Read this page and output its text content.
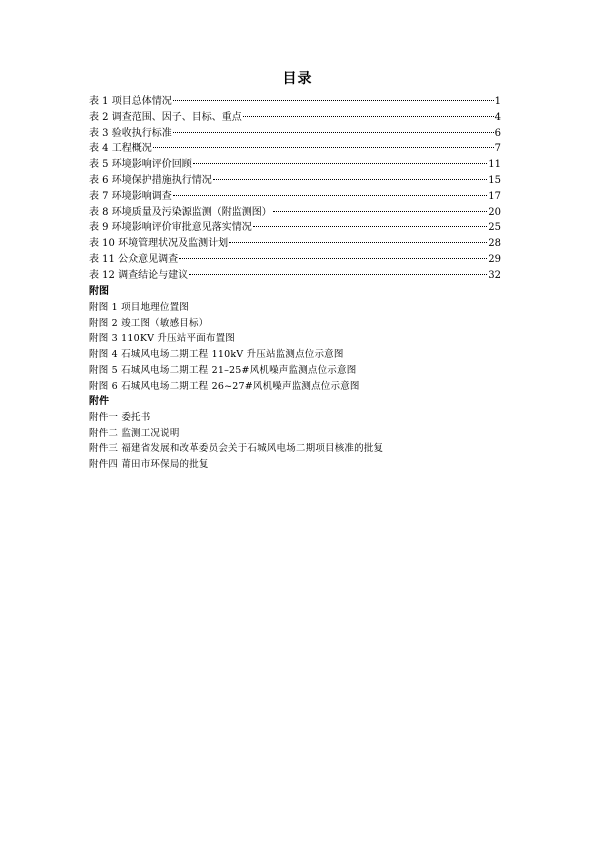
目录
表 1 项目总体情况	1
表 2 调查范围、因子、目标、重点	4
表 3 验收执行标准	6
表 4 工程概况	7
表 5 环境影响评价回顾	11
表 6 环境保护措施执行情况	15
表 7 环境影响调查	17
表 8 环境质量及污染源监测（附监测图）	20
表 9 环境影响评价审批意见落实情况	25
表 10 环境管理状况及监测计划	28
表 11 公众意见调查	29
表 12 调查结论与建议	32
附图
附图 1 项目地理位置图
附图 2 竣工图（敏感目标）
附图 3 110KV 升压站平面布置图
附图 4 石城风电场二期工程 110kV 升压站监测点位示意图
附图 5 石城风电场二期工程 21–25#风机噪声监测点位示意图
附图 6 石城风电场二期工程 26~27#风机噪声监测点位示意图
附件
附件一 委托书
附件二 监测工况说明
附件三 福建省发展和改革委员会关于石城风电场二期项目核准的批复
附件四 莆田市环保局的批复
